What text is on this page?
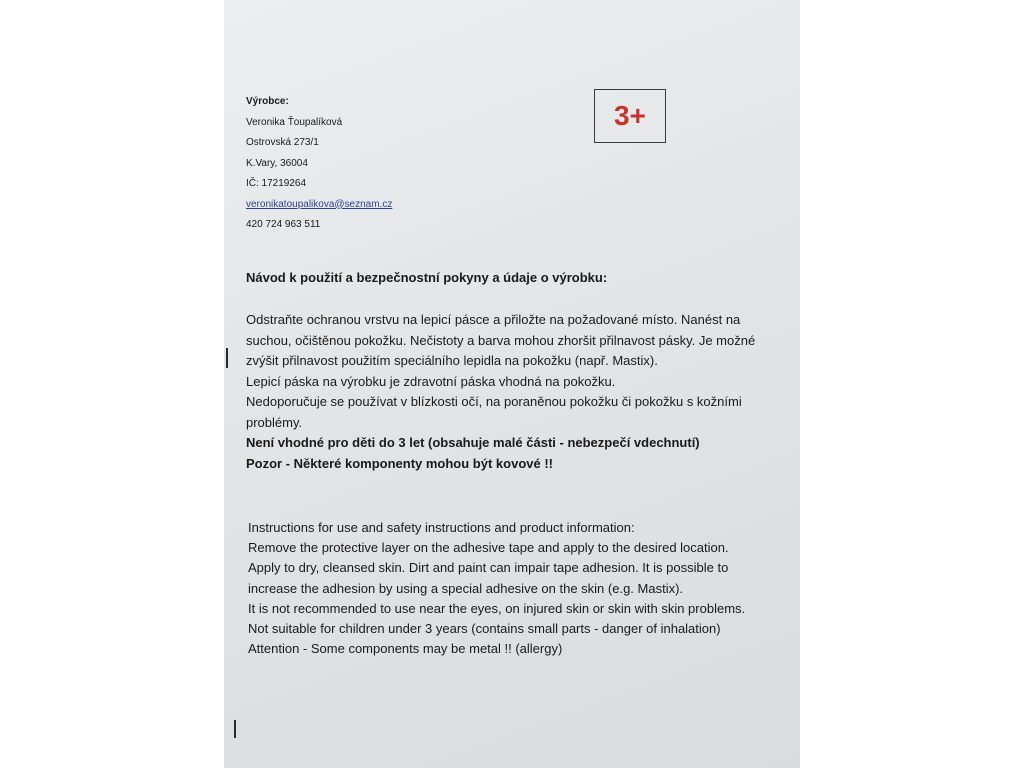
Výrobce:
Veronika Ťoupalíková
Ostrovská 273/1
K.Vary, 36004
IČ: 17219264
veronikatoupalikova@seznam.cz
420 724 963 511
3+
Návod k použití a bezpečnostní pokyny a údaje o výrobku:
Odstraňte ochranou vrstvu na lepicí pásce a přiložte na požadované místo. Nanést na
suchou, očištěnou pokožku. Nečistoty a barva mohou zhoršit přilnavost pásky. Je možné
zvýšit přilnavost použitím speciálního lepidla na pokožku (např. Mastix).
Lepicí páska na výrobku je zdravotní páska vhodná na pokožku.
Nedoporučuje se používat v blízkosti očí, na poraněnou pokožku či pokožku s kožními
problémy.
Není vhodné pro děti do 3 let (obsahuje malé části - nebezpečí vdechnutí)
Pozor - Některé komponenty mohou být kovové !!
Instructions for use and safety instructions and product information:
Remove the protective layer on the adhesive tape and apply to the desired location.
Apply to dry, cleansed skin. Dirt and paint can impair tape adhesion. It is possible to
increase the adhesion by using a special adhesive on the skin (e.g. Mastix).
It is not recommended to use near the eyes, on injured skin or skin with skin problems.
Not suitable for children under 3 years (contains small parts - danger of inhalation)
Attention - Some components may be metal !! (allergy)
